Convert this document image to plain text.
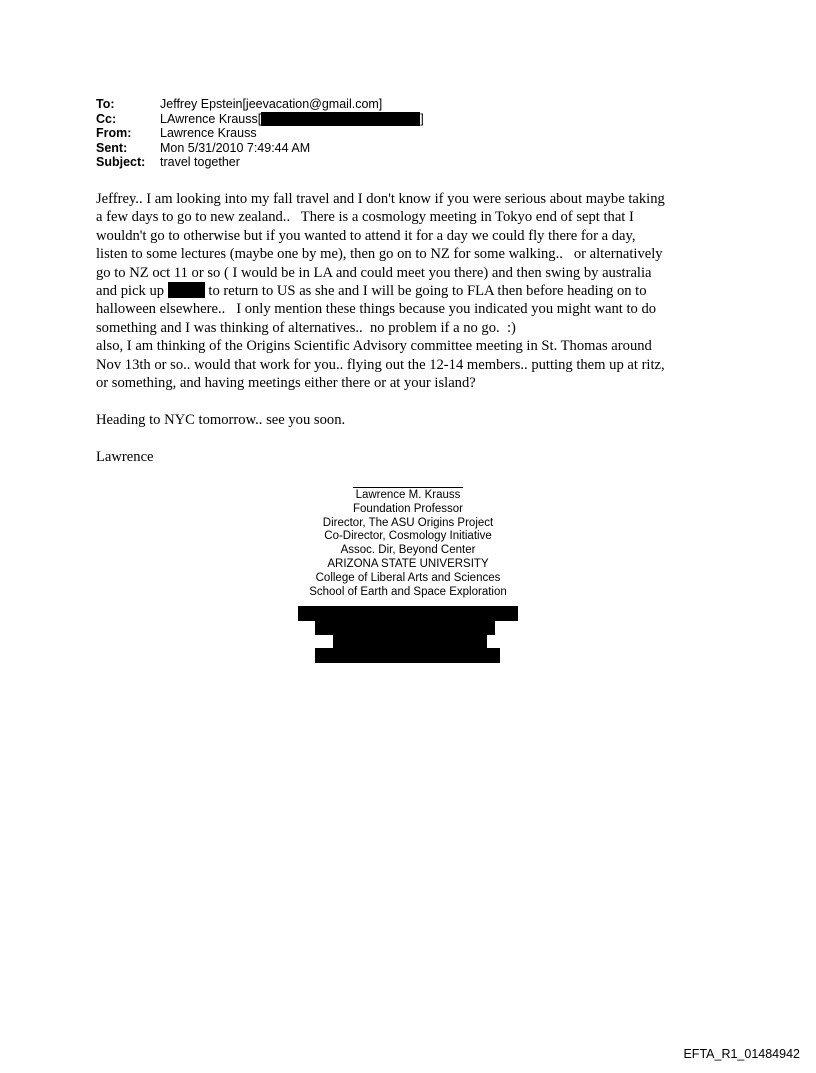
To:	Jeffrey Epstein[jeevacation@gmail.com]
Cc:	LAwrence Krauss[	]
From:	Lawrence Krauss
Sent:	Mon 5/31/2010 7:49:44 AM
Subject:	travel together
Jeffrey.. I am looking into my fall travel and I don't know if you were serious about maybe taking
a few days to go to new zealand..   There is a cosmology meeting in Tokyo end of sept that I
wouldn't go to otherwise but if you wanted to attend it for a day we could fly there for a day,
listen to some lectures (maybe one by me), then go on to NZ for some walking..   or alternatively
go to NZ oct 11 or so ( I would be in LA and could meet you there) and then swing by australia
and pick up	to return to US as she and I will be going to FLA then before heading on to
halloween elsewhere..   I only mention these things because you indicated you might want to do
something and I was thinking of alternatives..  no problem if a no go.  :)
also, I am thinking of the Origins Scientific Advisory committee meeting in St. Thomas around
Nov 13th or so.. would that work for you.. flying out the 12-14 members.. putting them up at ritz,
or something, and having meetings either there or at your island?
Heading to NYC tomorrow.. see you soon.
Lawrence
Lawrence M. Krauss
Foundation Professor
Director, The ASU Origins Project
Co-Director, Cosmology Initiative
Assoc. Dir, Beyond Center
ARIZONA STATE UNIVERSITY
College of Liberal Arts and Sciences
School of Earth and Space Exploration
EFTA_R1_01484942
